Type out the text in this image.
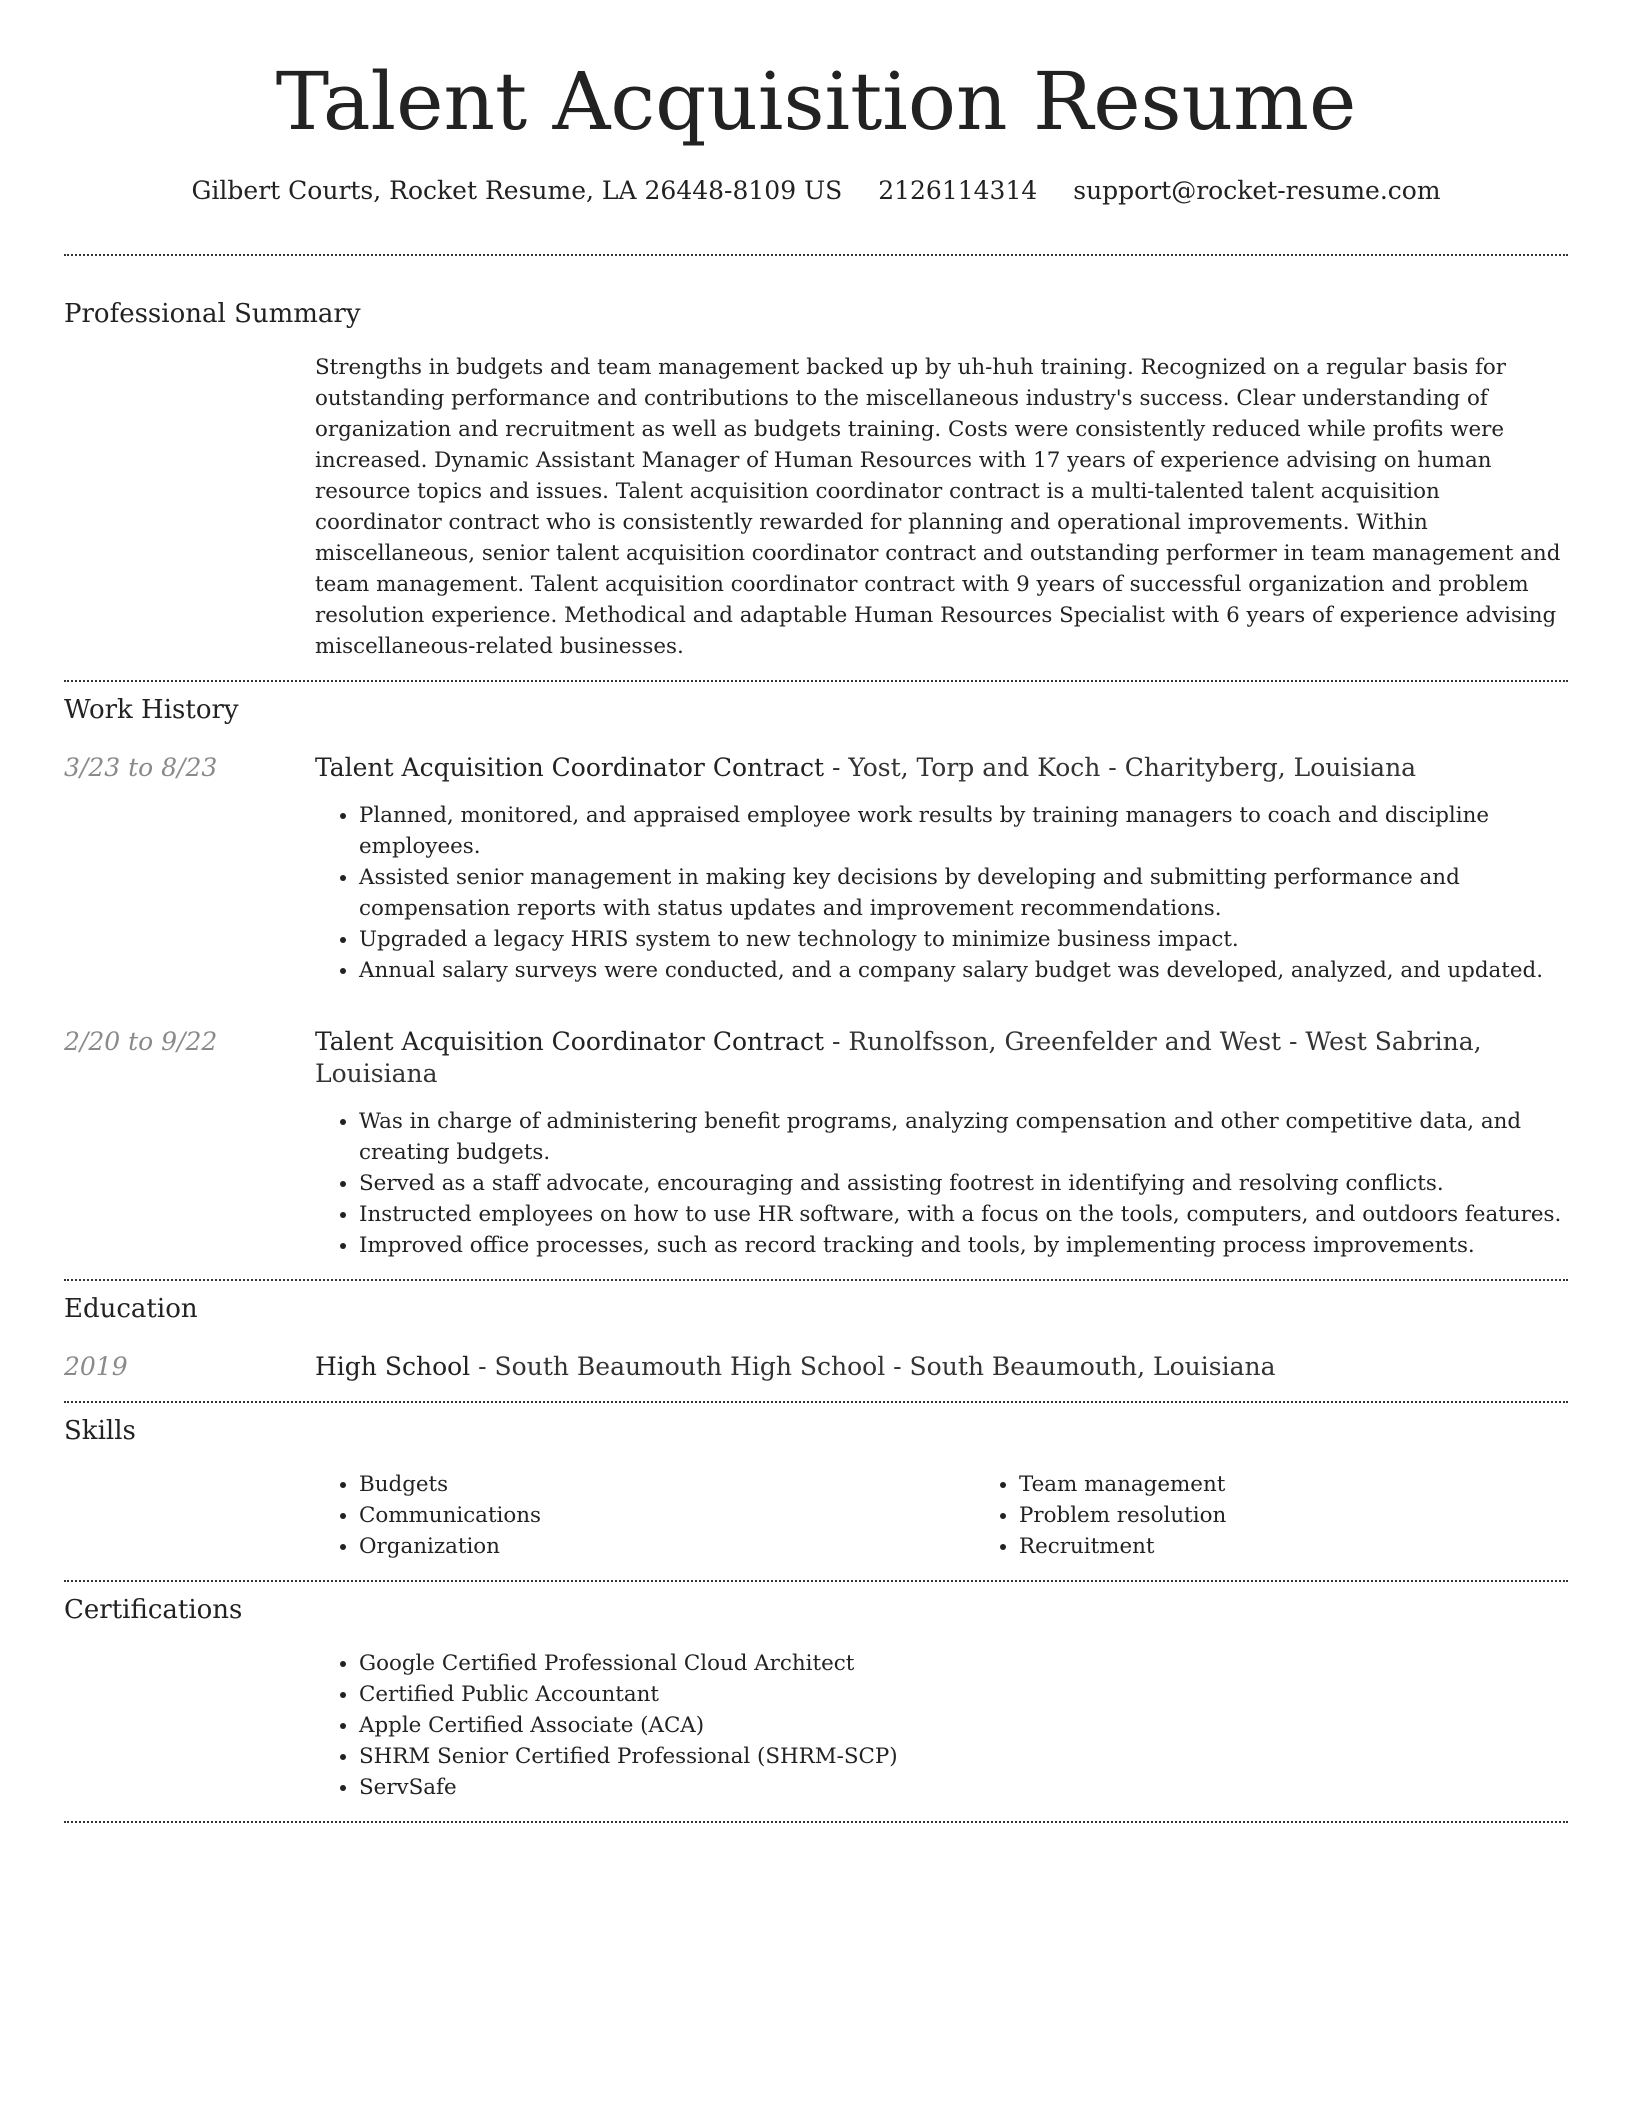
Talent Acquisition Resume
Gilbert Courts, Rocket Resume, LA 26448-8109 US 2126114314 support@rocket-resume.com
Professional Summary

Strengths in budgets and team management backed up by uh-huh training. Recognized on a regular basis for outstanding performance and contributions to the miscellaneous industry's success. Clear understanding of organization and recruitment as well as budgets training. Costs were consistently reduced while profits were increased. Dynamic Assistant Manager of Human Resources with 17 years of experience advising on human resource topics and issues. Talent acquisition coordinator contract is a multi-talented talent acquisition coordinator contract who is consistently rewarded for planning and operational improvements. Within miscellaneous, senior talent acquisition coordinator contract and outstanding performer in team management and team management. Talent acquisition coordinator contract with 9 years of successful organization and problem resolution experience. Methodical and adaptable Human Resources Specialist with 6 years of experience advising miscellaneous-related businesses.

Work History
3/23 to 8/23	Talent Acquisition Coordinator Contract - Yost, Torp and Koch - Charityberg, Louisiana
• Planned, monitored, and appraised employee work results by training managers to coach and discipline employees.
• Assisted senior management in making key decisions by developing and submitting performance and compensation reports with status updates and improvement recommendations.
• Upgraded a legacy HRIS system to new technology to minimize business impact.
• Annual salary surveys were conducted, and a company salary budget was developed, analyzed, and updated.
2/20 to 9/22	Talent Acquisition Coordinator Contract - Runolfsson, Greenfelder and West - West Sabrina, Louisiana
• Was in charge of administering benefit programs, analyzing compensation and other competitive data, and creating budgets.
• Served as a staff advocate, encouraging and assisting footrest in identifying and resolving conflicts.
• Instructed employees on how to use HR software, with a focus on the tools, computers, and outdoors features.
• Improved office processes, such as record tracking and tools, by implementing process improvements.
Education
2019	High School - South Beaumouth High School - South Beaumouth, Louisiana
Skills
• Budgets
• Communications
• Organization
• Team management
• Problem resolution
• Recruitment
Certifications
• Google Certified Professional Cloud Architect
• Certified Public Accountant
• Apple Certified Associate (ACA)
• SHRM Senior Certified Professional (SHRM-SCP)
• ServSafe
